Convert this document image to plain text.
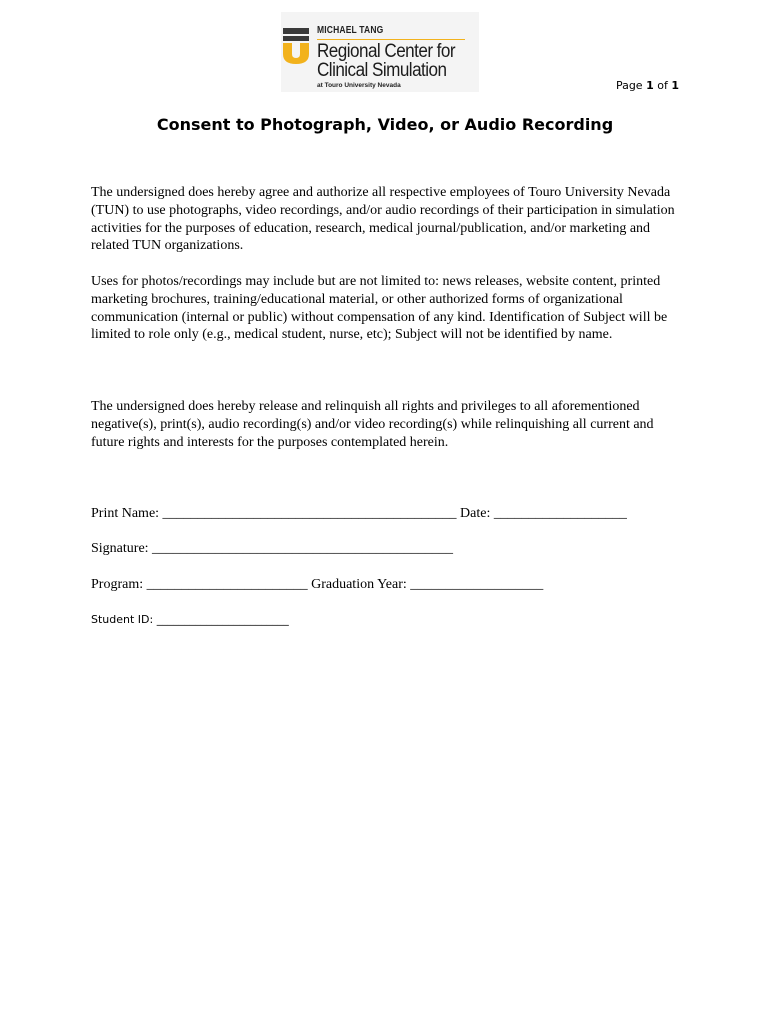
MICHAEL TANG
Regional Center for
Clinical Simulation
at Touro University Nevada	Page 1 of 1
Consent to Photograph, Video, or Audio Recording
The undersigned does hereby agree and authorize all respective employees of Touro University Nevada (TUN) to use photographs, video recordings, and/or audio recordings of their participation in simulation activities for the purposes of education, research, medical journal/publication, and/or marketing and related TUN organizations.
Uses for photos/recordings may include but are not limited to: news releases, website content, printed marketing brochures, training/educational material, or other authorized forms of organizational communication (internal or public) without compensation of any kind. Identification of Subject will be limited to role only (e.g., medical student, nurse, etc); Subject will not be identified by name.
The undersigned does hereby release and relinquish all rights and privileges to all aforementioned negative(s), print(s), audio recording(s) and/or video recording(s) while relinquishing all current and future rights and interests for the purposes contemplated herein.
Print Name: __________________________________________ Date: ___________________
Signature: ___________________________________________
Program: _______________________ Graduation Year: ___________________
Student ID: ________________________
